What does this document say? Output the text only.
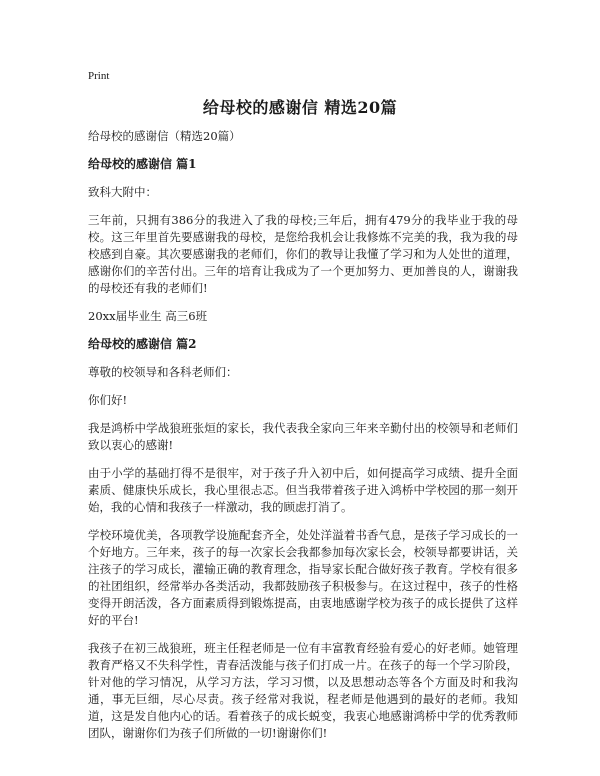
Print
给母校的感谢信 精选20篇

给母校的感谢信（精选20篇）

给母校的感谢信 篇1

致科大附中：

三年前，只拥有386分的我进入了我的母校;三年后，拥有479分的我毕业于我的母校。这三年里首先要感谢我的母校，是您给我机会让我修炼不完美的我，我为我的母校感到自豪。其次要感谢我的老师们，你们的教导让我懂了学习和为人处世的道理，感谢你们的辛苦付出。三年的培育让我成为了一个更加努力、更加善良的人，谢谢我的母校还有我的老师们!

20xx届毕业生 高三6班

给母校的感谢信 篇2

尊敬的校领导和各科老师们：

你们好!

我是鸿桥中学战狼班张烜的家长，我代表我全家向三年来辛勤付出的校领导和老师们致以衷心的感谢!

由于小学的基础打得不是很牢，对于孩子升入初中后，如何提高学习成绩、提升全面素质、健康快乐成长，我心里很忐忑。但当我带着孩子进入鸿桥中学校园的那一刻开始，我的心情和我孩子一样激动，我的顾虑打消了。

学校环境优美，各项教学设施配套齐全，处处洋溢着书香气息，是孩子学习成长的一个好地方。三年来，孩子的每一次家长会我都参加每次家长会，校领导都要讲话，关注孩子的学习成长，灌输正确的教育理念，指导家长配合做好孩子教育。学校有很多的社团组织，经常举办各类活动，我都鼓励孩子积极参与。在这过程中，孩子的性格变得开朗活泼，各方面素质得到锻炼提高，由衷地感谢学校为孩子的成长提供了这样好的平台!

我孩子在初三战狼班，班主任程老师是一位有丰富教育经验有爱心的好老师。她管理教育严格又不失科学性，青春活泼能与孩子们打成一片。在孩子的每一个学习阶段，针对他的学习情况，从学习方法，学习习惯，以及思想动态等各个方面及时和我沟通，事无巨细，尽心尽责。孩子经常对我说，程老师是他遇到的最好的老师。我知道，这是发自他内心的话。看着孩子的成长蜕变，我衷心地感谢鸿桥中学的优秀教师团队，谢谢你们为孩子们所做的一切!谢谢你们!
